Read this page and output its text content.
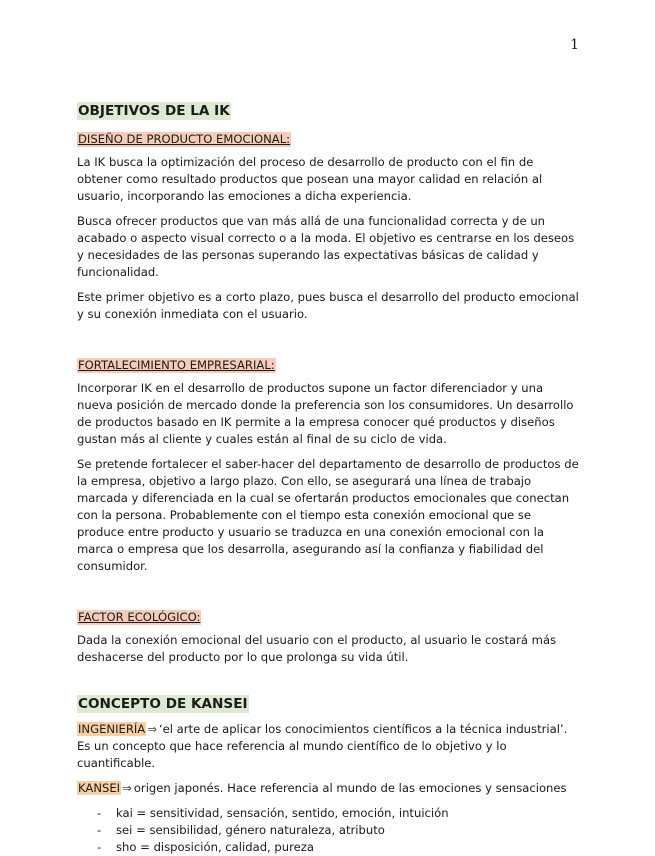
1
OBJETIVOS DE LA IK
DISEÑO DE PRODUCTO EMOCIONAL:

La IK busca la optimización del proceso de desarrollo de producto con el fin de obtener como resultado productos que posean una mayor calidad en relación al usuario, incorporando las emociones a dicha experiencia.

Busca ofrecer productos que van más allá de una funcionalidad correcta y de un acabado o aspecto visual correcto o a la moda. El objetivo es centrarse en los deseos y necesidades de las personas superando las expectativas básicas de calidad y funcionalidad.

Este primer objetivo es a corto plazo, pues busca el desarrollo del producto emocional y su conexión inmediata con el usuario.

FORTALECIMIENTO EMPRESARIAL:

Incorporar IK en el desarrollo de productos supone un factor diferenciador y una nueva posición de mercado donde la preferencia son los consumidores. Un desarrollo de productos basado en IK permite a la empresa conocer qué productos y diseños gustan más al cliente y cuales están al final de su ciclo de vida.

Se pretende fortalecer el saber-hacer del departamento de desarrollo de productos de la empresa, objetivo a largo plazo. Con ello, se asegurará una línea de trabajo marcada y diferenciada en la cual se ofertarán productos emocionales que conectan con la persona. Probablemente con el tiempo esta conexión emocional que se produce entre producto y usuario se traduzca en una conexión emocional con la marca o empresa que los desarrolla, asegurando así la confianza y fiabilidad del consumidor.

FACTOR ECOLÓGICO:

Dada la conexión emocional del usuario con el producto, al usuario le costará más deshacerse del producto por lo que prolonga su vida útil.

CONCEPTO DE KANSEI

INGENIERÍA ⇒ ‘el arte de aplicar los conocimientos científicos a la técnica industrial’. Es un concepto que hace referencia al mundo científico de lo objetivo y lo cuantificable.

KANSEI ⇒ origen japonés. Hace referencia al mundo de las emociones y sensaciones

- kai = sensitividad, sensación, sentido, emoción, intuición
- sei = sensibilidad, género naturaleza, atributo
- sho = disposición, calidad, pureza
